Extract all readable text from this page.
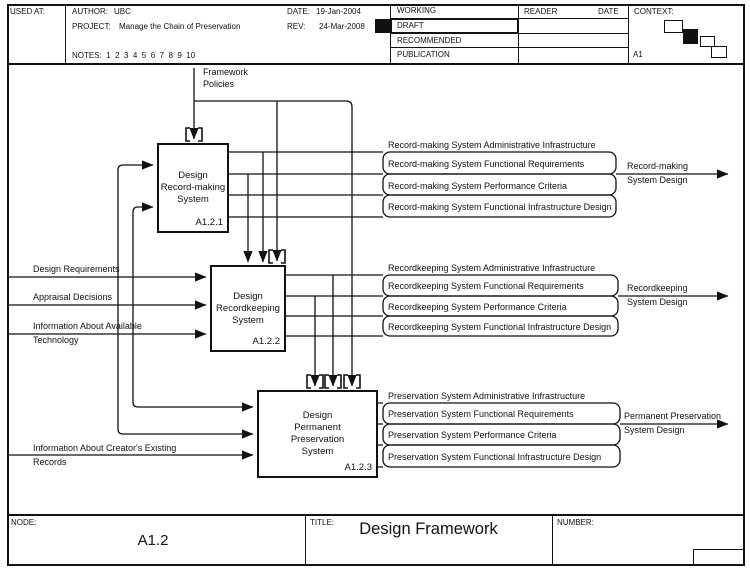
USED AT:	AUTHOR: UBC	DATE: 19-Jan-2004
PROJECT: Manage the Chain of Preservation	REV: 24-Mar-2008
NOTES:  1  2  3  4  5  6  7  8  9  10
WORKING
DRAFT
RECOMMENDED
PUBLICATION
READER	DATE CONTEXT:
A1
Framework Policies
Design Requirements
Appraisal Decisions
Information About Available Technology
Information About Creator's Existing Records
Design
Record-making
System
A1.2.1
Design
Recordkeeping
System
A1.2.2
Design
Permanent
Preservation
System
A1.2.3
Record-making System Administrative Infrastructure
Record-making System Functional Requirements
Record-making System Performance Criteria
Record-making System Functional Infrastructure Design
Recordkeeping System Administrative Infrastructure
Recordkeeping System Functional Requirements
Recordkeeping System Performance Criteria
Recordkeeping System Functional Infrastructure Design
Preservation System Administrative Infrastructure
Preservation System Functional Requirements
Preservation System Performance Criteria
Preservation System Functional Infrastructure Design
Record-making System Design
Recordkeeping System Design
Permanent Preservation System Design
NODE:
A1.2
TITLE:	Design Framework	NUMBER:
